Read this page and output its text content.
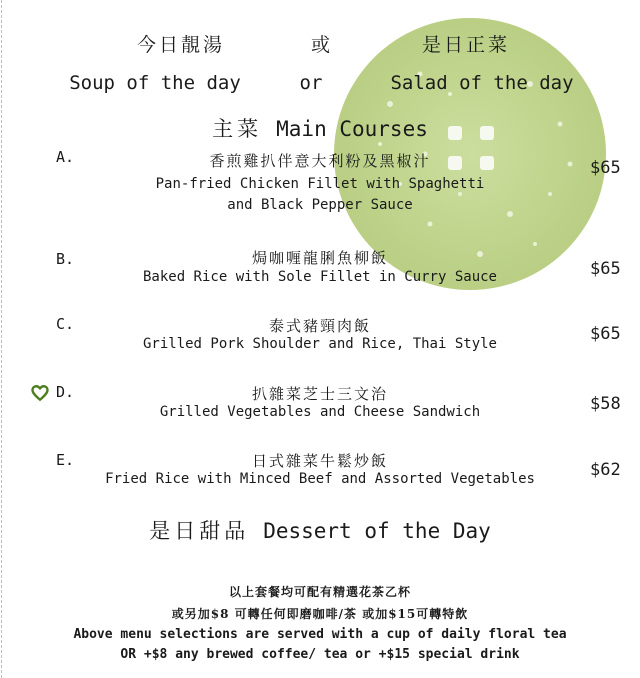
今日靚湯	或	是日正菜
Soup of the day	or	Salad of the day
主菜 Main Courses
A.	香煎雞扒伴意大利粉及黑椒汁
Pan-fried Chicken Fillet with Spaghetti
and Black Pepper Sauce
$65
B.	焗咖喱龍脷魚柳飯
Baked Rice with Sole Fillet in Curry Sauce	$65
C.	泰式豬頸肉飯
Grilled Pork Shoulder and Rice, Thai Style	$65
D.	扒雜菜芝士三文治
Grilled Vegetables and Cheese Sandwich	$58
E.	日式雜菜牛鬆炒飯
Fried Rice with Minced Beef and Assorted Vegetables	$62
是日甜品 Dessert of the Day
以上套餐均可配有精選花茶乙杯
或另加$8 可轉任何即磨咖啡/茶 或加$15可轉特飲
Above menu selections are served with a cup of daily floral tea
OR +$8 any brewed coffee/ tea or +$15 special drink
